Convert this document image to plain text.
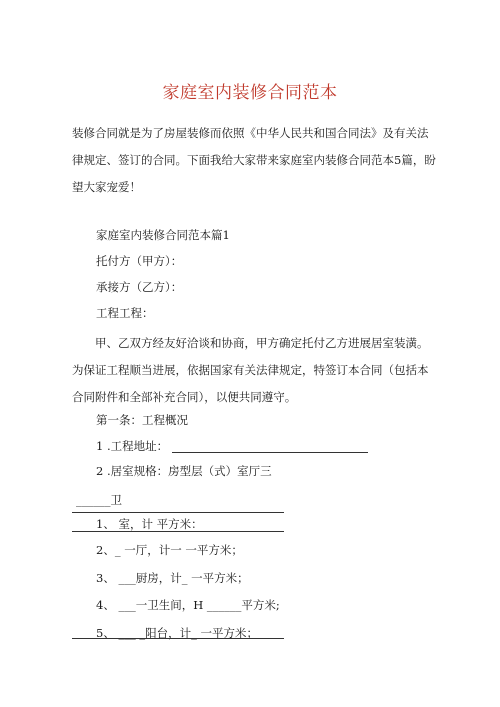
家庭室内装修合同范本
装修合同就是为了房屋装修而依照《中华人民共和国合同法》及有关法律规定、签订的合同。下面我给大家带来家庭室内装修合同范本5篇，盼望大家宠爱！
家庭室内装修合同范本篇1
托付方（甲方）：
承接方（乙方）：
工程工程：
甲、乙双方经友好洽谈和协商，甲方确定托付乙方进展居室装潢。为保证工程顺当进展，依据国家有关法律规定，特签订本合同（包括本合同附件和全部补充合同），以便共同遵守。
第一条：工程概况
1 .工程地址：
2 .居室规格：房型层（式）室厅三
______卫
1、 室，计 平方米：
2、_ 一厅，计一 一平方米；
3、 ___厨房，计_ 一平方米；
4、 ___一卫生间，H ______平方米;
5、 ___ _阳台，计_ 一平方米；
